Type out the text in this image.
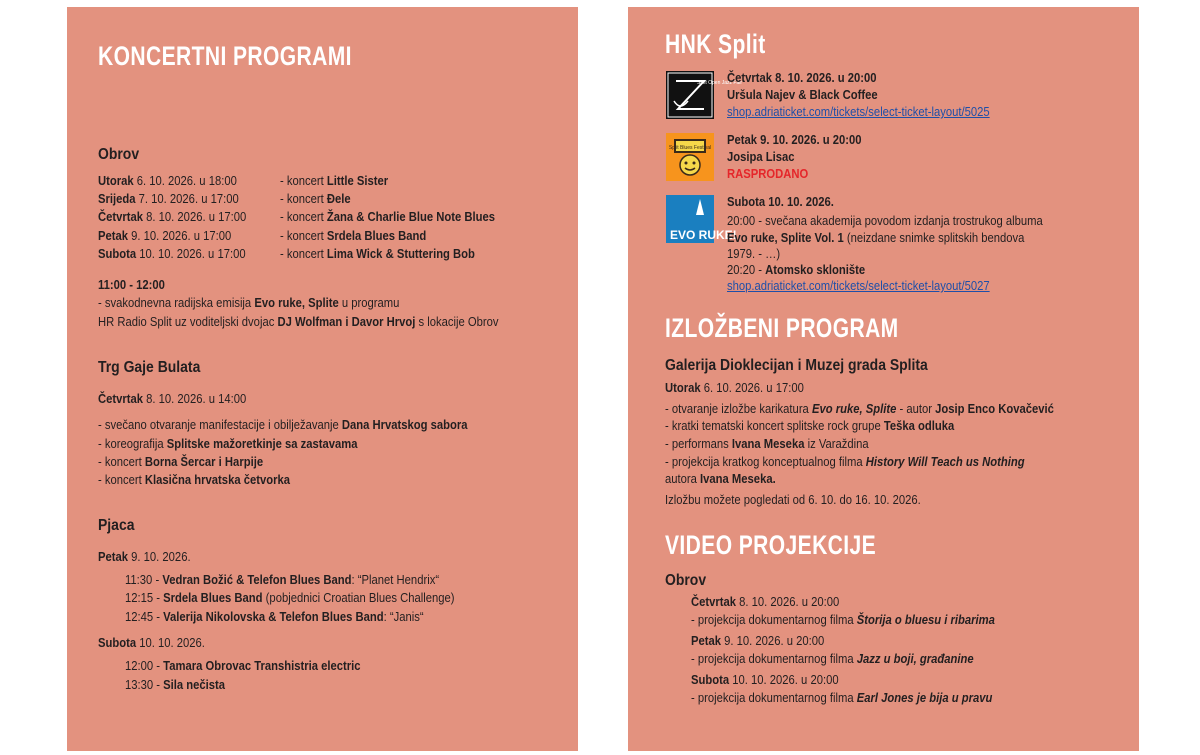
KONCERTNI PROGRAMI
Obrov
Utorak 6. 10. 2026. u 18:00	- koncert Little Sister
Srijeda 7. 10. 2026. u 17:00	- koncert Đele
Četvrtak 8. 10. 2026. u 17:00	- koncert Žana & Charlie Blue Note Blues
Petak 9. 10. 2026. u 17:00	- koncert Srdela Blues Band
Subota 10. 10. 2026. u 17:00	- koncert Lima Wick & Stuttering Bob
11:00 - 12:00
- svakodnevna radijska emisija Evo ruke, Splite u programu
HR Radio Split uz voditeljski dvojac DJ Wolfman i Davor Hrvoj s lokacije Obrov
Trg Gaje Bulata
Četvrtak 8. 10. 2026. u 14:00
- svečano otvaranje manifestacije i obilježavanje Dana Hrvatskog sabora
- koreografija Splitske mažoretkinje sa zastavama
- koncert Borna Šercar i Harpije
- koncert Klasična hrvatska četvorka
Pjaca
Petak 9. 10. 2026.
11:30 - Vedran Božić & Telefon Blues Band: “Planet Hendrix“
12:15 - Srdela Blues Band (pobjednici Croatian Blues Challenge)
12:45 - Valerija Nikolovska & Telefon Blues Band: “Janis“
Subota 10. 10. 2026.
12:00 - Tamara Obrovac Transhistria electric
13:30 - Sila nečista
HNK Split
Split Open Jazz Fair
Split Blues Festival
EVO RUKE!
Četvrtak 8. 10. 2026. u 20:00
Uršula Najev & Black Coffee
shop.adriaticket.com/tickets/select-ticket-layout/5025
Petak 9. 10. 2026. u 20:00
Josipa Lisac
RASPRODANO
Subota 10. 10. 2026.
20:00 - svečana akademija povodom izdanja trostrukog albuma
Evo ruke, Splite Vol. 1 (neizdane snimke splitskih bendova
1979. - …)
20:20 - Atomsko sklonište
shop.adriaticket.com/tickets/select-ticket-layout/5027
IZLOŽBENI PROGRAM
Galerija Dioklecijan i Muzej grada Splita
Utorak 6. 10. 2026. u 17:00
- otvaranje izložbe karikatura Evo ruke, Splite - autor Josip Enco Kovačević
- kratki tematski koncert splitske rock grupe Teška odluka
- performans Ivana Meseka iz Varaždina
- projekcija kratkog konceptualnog filma History Will Teach us Nothing
autora Ivana Meseka.
Izložbu možete pogledati od 6. 10. do 16. 10. 2026.
VIDEO PROJEKCIJE
Obrov
Četvrtak 8. 10. 2026. u 20:00
- projekcija dokumentarnog filma Štorija o bluesu i ribarima
Petak 9. 10. 2026. u 20:00
- projekcija dokumentarnog filma Jazz u boji, građanine
Subota 10. 10. 2026. u 20:00
- projekcija dokumentarnog filma Earl Jones je bija u pravu
